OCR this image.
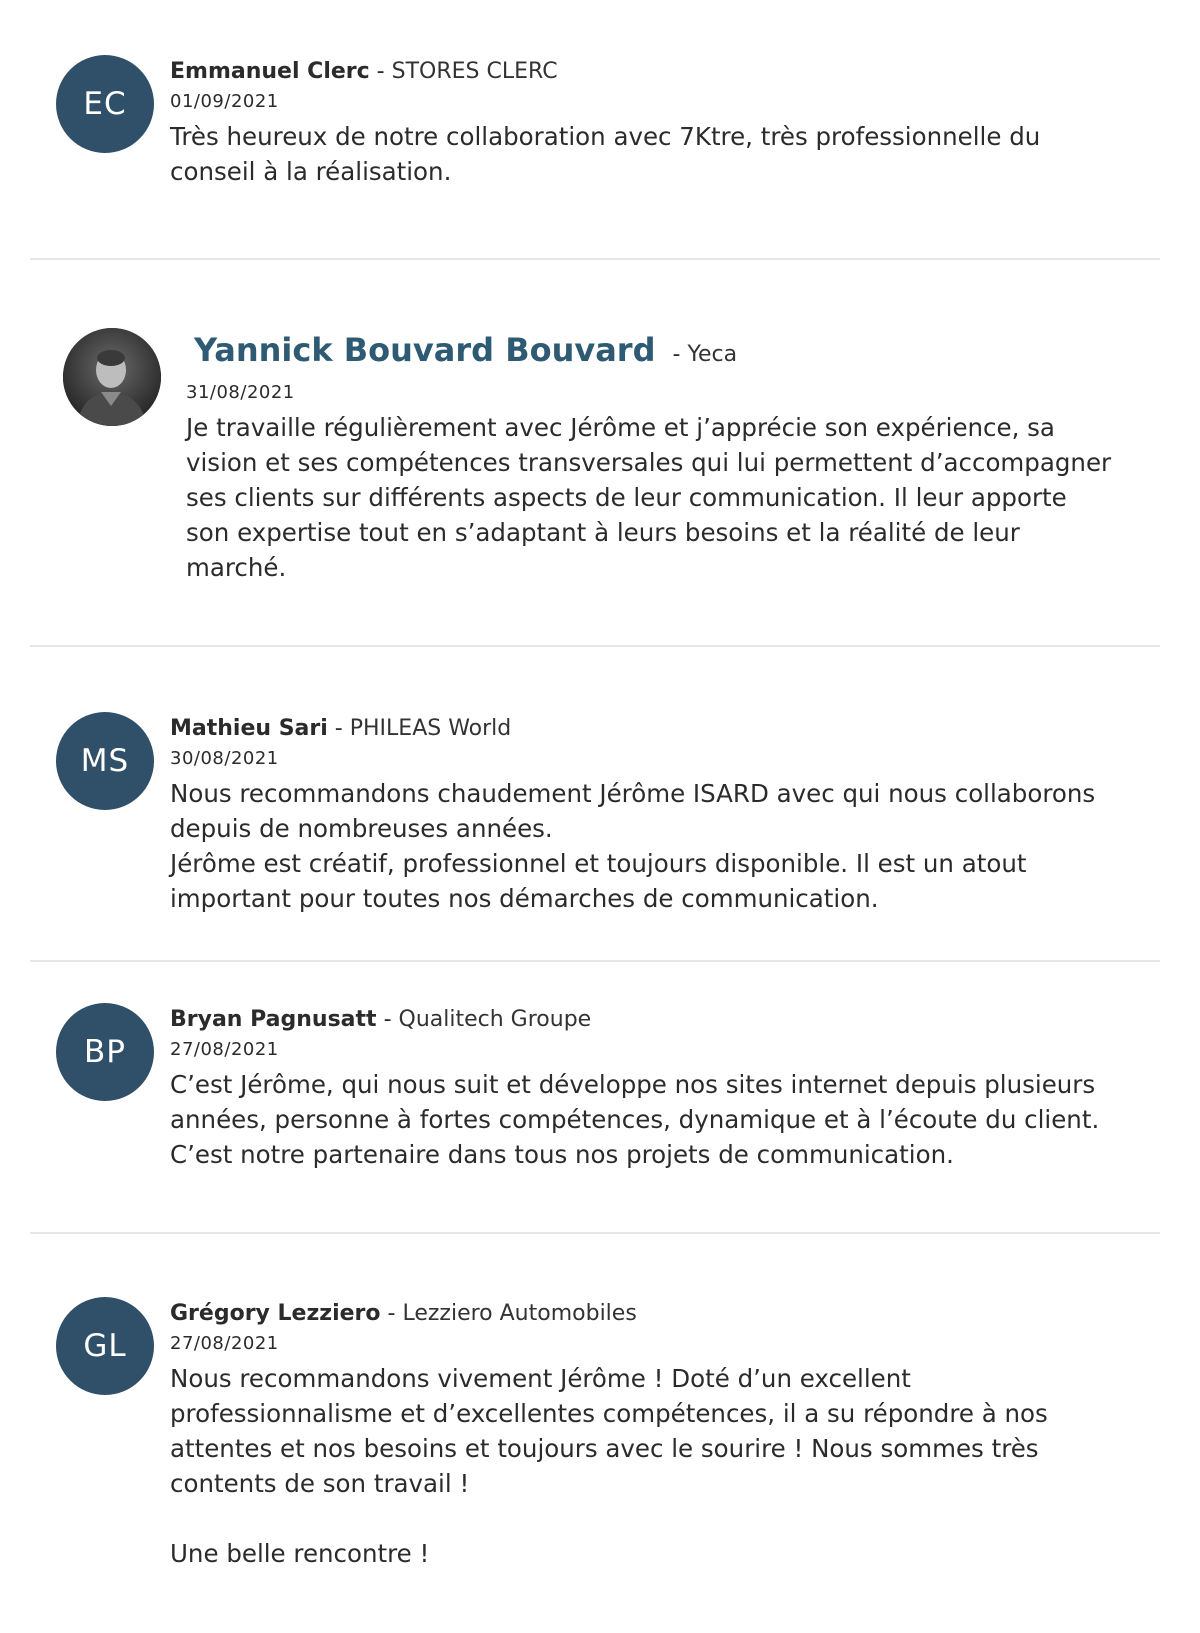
EC
Emmanuel Clerc - STORES CLERC
01/09/2021
Très heureux de notre collaboration avec 7Ktre, très professionnelle du
conseil à la réalisation.
Yannick Bouvard Bouvard - Yeca
31/08/2021
Je travaille régulièrement avec Jérôme et j’apprécie son expérience, sa
vision et ses compétences transversales qui lui permettent d’accompagner
ses clients sur différents aspects de leur communication. Il leur apporte
son expertise tout en s’adaptant à leurs besoins et la réalité de leur
marché.
MS
Mathieu Sari - PHILEAS World
30/08/2021
Nous recommandons chaudement Jérôme ISARD avec qui nous collaborons
depuis de nombreuses années.
Jérôme est créatif, professionnel et toujours disponible. Il est un atout
important pour toutes nos démarches de communication.
BP
Bryan Pagnusatt - Qualitech Groupe
27/08/2021
C’est Jérôme, qui nous suit et développe nos sites internet depuis plusieurs
années, personne à fortes compétences, dynamique et à l’écoute du client.
C’est notre partenaire dans tous nos projets de communication.
GL
Grégory Lezziero - Lezziero Automobiles
27/08/2021
Nous recommandons vivement Jérôme ! Doté d’un excellent
professionnalisme et d’excellentes compétences, il a su répondre à nos
attentes et nos besoins et toujours avec le sourire ! Nous sommes très
contents de son travail !

Une belle rencontre !
